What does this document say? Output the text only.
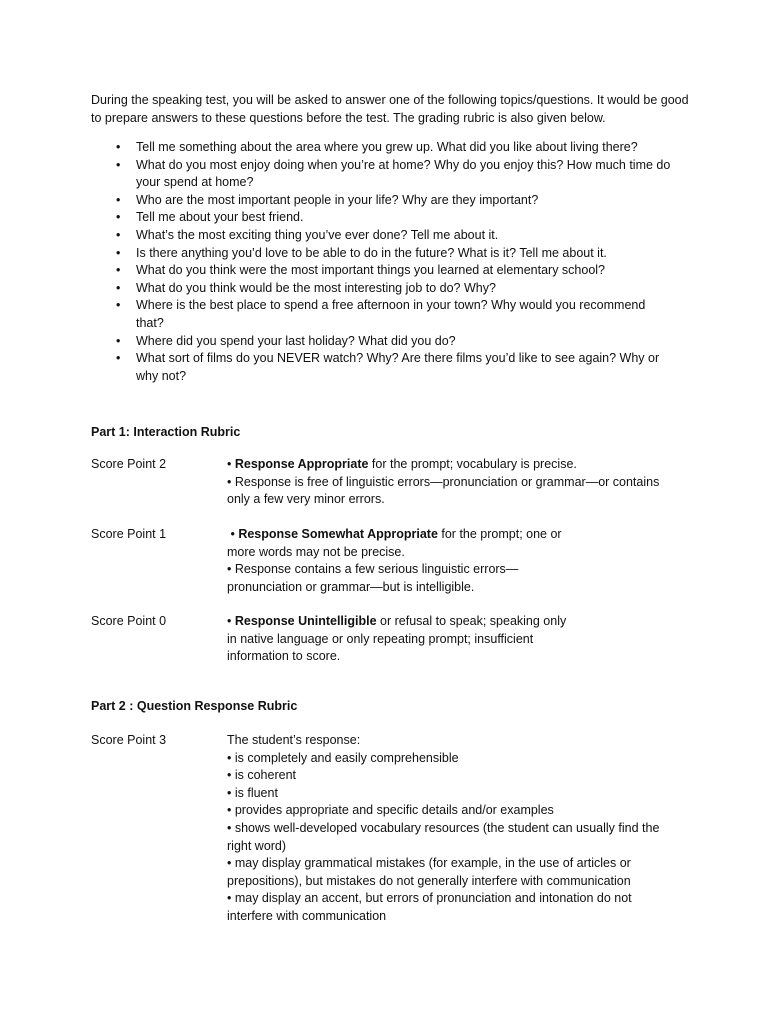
During the speaking test, you will be asked to answer one of the following topics/questions. It would be good to prepare answers to these questions before the test. The grading rubric is also given below.

• Tell me something about the area where you grew up. What did you like about living there?
• What do you most enjoy doing when you’re at home? Why do you enjoy this? How much time do your spend at home?
• Who are the most important people in your life? Why are they important?
• Tell me about your best friend.
• What’s the most exciting thing you’ve ever done? Tell me about it.
• Is there anything you’d love to be able to do in the future? What is it? Tell me about it.
• What do you think were the most important things you learned at elementary school?
• What do you think would be the most interesting job to do? Why?
• Where is the best place to spend a free afternoon in your town? Why would you recommend that?
• Where did you spend your last holiday? What did you do?
• What sort of films do you NEVER watch? Why? Are there films you’d like to see again? Why or why not?
Part 1: Interaction Rubric
Score Point 2	• Response Appropriate for the prompt; vocabulary is precise.

• Response is free of linguistic errors—pronunciation or grammar—or contains only a few very minor errors.

Score Point 1	• Response Somewhat Appropriate for the prompt; one or more words may not be precise.

• Response contains a few serious linguistic errors—pronunciation or grammar—but is intelligible.

Score Point 0	• Response Unintelligible or refusal to speak; speaking only in native language or only repeating prompt; insufficient information to score.

Part 2 : Question Response Rubric
Score Point 3	The student’s response:

• is completely and easily comprehensible

• is coherent

• is fluent

• provides appropriate and specific details and/or examples

• shows well-developed vocabulary resources (the student can usually find the right word)

• may display grammatical mistakes (for example, in the use of articles or prepositions), but mistakes do not generally interfere with communication

• may display an accent, but errors of pronunciation and intonation do not interfere with communication
